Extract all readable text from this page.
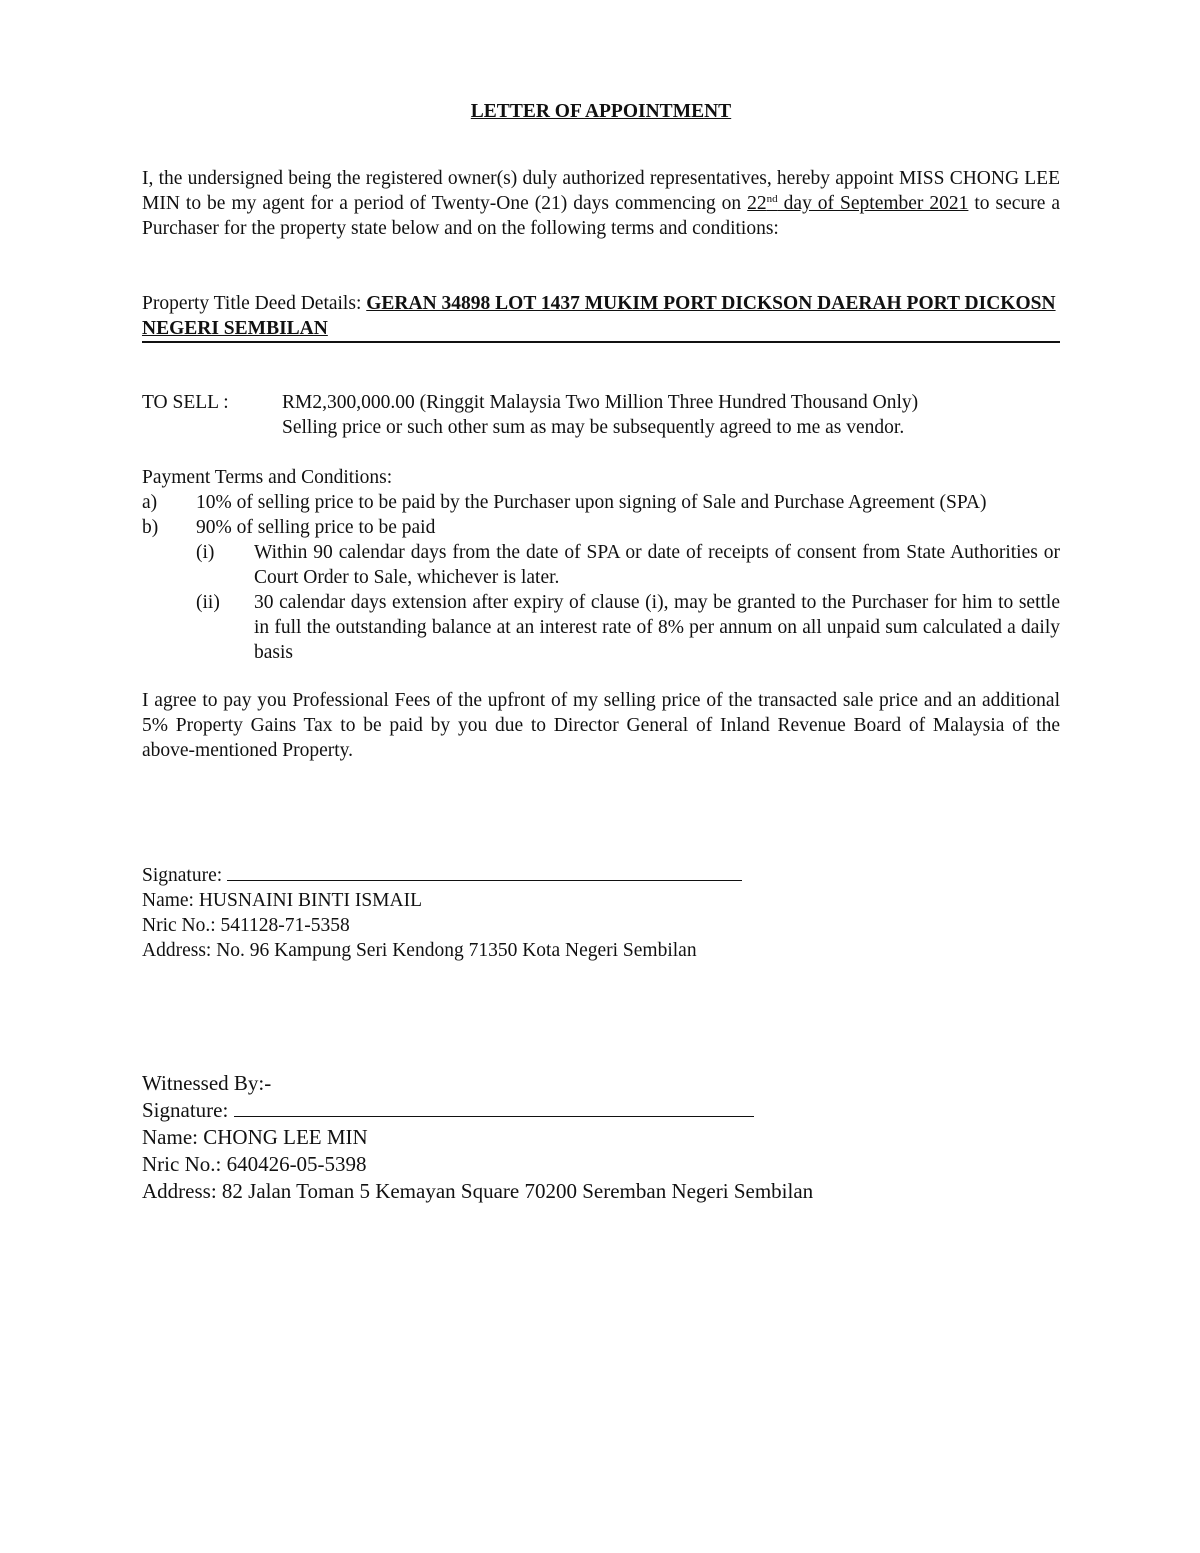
LETTER OF APPOINTMENT
I, the undersigned being the registered owner(s) duly authorized representatives, hereby appoint MISS CHONG LEE MIN to be my agent for a period of Twenty-One (21) days commencing on 22nd day of September 2021 to secure a Purchaser for the property state below and on the following terms and conditions:
Property Title Deed Details: GERAN 34898 LOT 1437 MUKIM PORT DICKSON DAERAH PORT DICKOSN NEGERI SEMBILAN
TO SELL :	RM2,300,000.00 (Ringgit Malaysia Two Million Three Hundred Thousand Only)
Selling price or such other sum as may be subsequently agreed to me as vendor.
Payment Terms and Conditions:
a) 10% of selling price to be paid by the Purchaser upon signing of Sale and Purchase Agreement (SPA)
b) 90% of selling price to be paid
(i) Within 90 calendar days from the date of SPA or date of receipts of consent from State Authorities or Court Order to Sale, whichever is later.
(ii) 30 calendar days extension after expiry of clause (i), may be granted to the Purchaser for him to settle in full the outstanding balance at an interest rate of 8% per annum on all unpaid sum calculated a daily basis
I agree to pay you Professional Fees of the upfront of my selling price of the transacted sale price and an additional 5% Property Gains Tax to be paid by you due to Director General of Inland Revenue Board of Malaysia of the above-mentioned Property.
Signature:
Name: HUSNAINI BINTI ISMAIL
Nric No.: 541128-71-5358
Address: No. 96 Kampung Seri Kendong 71350 Kota Negeri Sembilan
Witnessed By:-
Signature:
Name: CHONG LEE MIN
Nric No.: 640426-05-5398
Address: 82 Jalan Toman 5 Kemayan Square 70200 Seremban Negeri Sembilan
